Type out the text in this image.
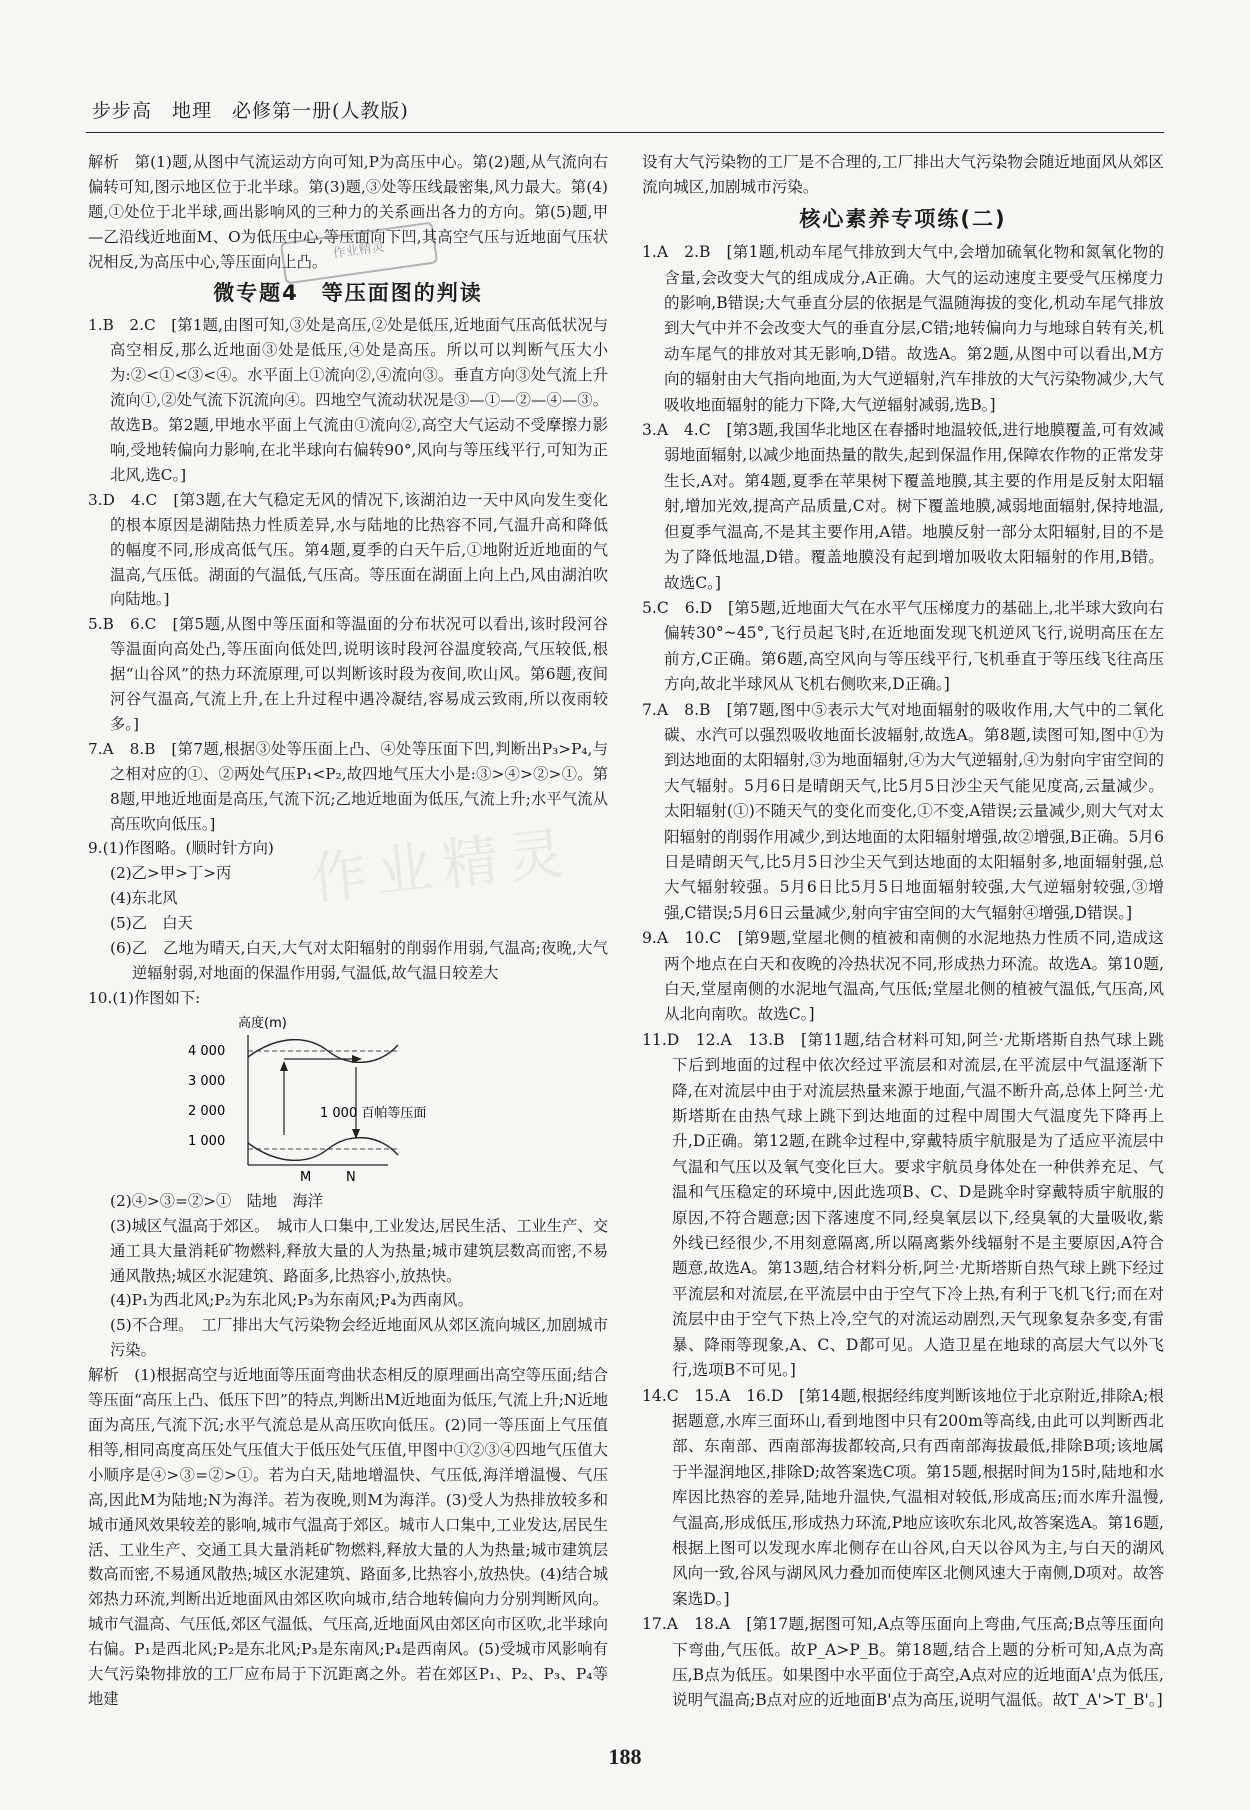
步步高　地理　必修第一册(人教版)
作业精灵
作业精灵

解析　第(1)题,从图中气流运动方向可知,P为高压中心。第(2)题,从气流向右偏转可知,图示地区位于北半球。第(3)题,③处等压线最密集,风力最大。第(4)题,①处位于北半球,画出影响风的三种力的关系画出各力的方向。第(5)题,甲—乙沿线近地面M、O为低压中心,等压面向下凹,其高空气压与近地面气压状况相反,为高压中心,等压面向上凸。

微专题4　等压面图的判读

1.B　2.C　[第1题,由图可知,③处是高压,②处是低压,近地面气压高低状况与高空相反,那么近地面③处是低压,④处是高压。所以可以判断气压大小为:②<①<③<④。水平面上①流向②,④流向③。垂直方向③处气流上升流向①,②处气流下沉流向④。四地空气流动状况是③—①—②—④—③。故选B。第2题,甲地水平面上气流由①流向②,高空大气运动不受摩擦力影响,受地转偏向力影响,在北半球向右偏转90°,风向与等压线平行,可知为正北风,选C。]

3.D　4.C　[第3题,在大气稳定无风的情况下,该湖泊边一天中风向发生变化的根本原因是湖陆热力性质差异,水与陆地的比热容不同,气温升高和降低的幅度不同,形成高低气压。第4题,夏季的白天午后,①地附近近地面的气温高,气压低。湖面的气温低,气压高。等压面在湖面上向上凸,风由湖泊吹向陆地。]

5.B　6.C　[第5题,从图中等压面和等温面的分布状况可以看出,该时段河谷等温面向高处凸,等压面向低处凹,说明该时段河谷温度较高,气压较低,根据“山谷风”的热力环流原理,可以判断该时段为夜间,吹山风。第6题,夜间河谷气温高,气流上升,在上升过程中遇冷凝结,容易成云致雨,所以夜雨较多。]

7.A　8.B　[第7题,根据③处等压面上凸、④处等压面下凹,判断出P₃>P₄,与之相对应的①、②两处气压P₁<P₂,故四地气压大小是:③>④>②>①。第8题,甲地近地面是高压,气流下沉;乙地近地面为低压,气流上升;水平气流从高压吹向低压。]

9.(1)作图略。(顺时针方向)

(2)乙>甲>丁>丙

(4)东北风

(5)乙　白天

(6)乙　乙地为晴天,白天,大气对太阳辐射的削弱作用弱,气温高;夜晚,大气逆辐射弱,对地面的保温作用弱,气温低,故气温日较差大

10.(1)作图如下:

高度(m)
4 000
3 000
2 000
1 000
1 000 百帕等压面
M	N

(2)④>③=②>①　陆地　海洋

(3)城区气温高于郊区。　城市人口集中,工业发达,居民生活、工业生产、交通工具大量消耗矿物燃料,释放大量的人为热量;城市建筑层数高而密,不易通风散热;城区水泥建筑、路面多,比热容小,放热快。

(4)P₁为西北风;P₂为东北风;P₃为东南风;P₄为西南风。

(5)不合理。　工厂排出大气污染物会经近地面风从郊区流向城区,加剧城市污染。

解析　(1)根据高空与近地面等压面弯曲状态相反的原理画出高空等压面;结合等压面“高压上凸、低压下凹”的特点,判断出M近地面为低压,气流上升;N近地面为高压,气流下沉;水平气流总是从高压吹向低压。(2)同一等压面上气压值相等,相同高度高压处气压值大于低压处气压值,甲图中①②③④四地气压值大小顺序是④>③=②>①。若为白天,陆地增温快、气压低,海洋增温慢、气压高,因此M为陆地;N为海洋。若为夜晚,则M为海洋。(3)受人为热排放较多和城市通风效果较差的影响,城市气温高于郊区。城市人口集中,工业发达,居民生活、工业生产、交通工具大量消耗矿物燃料,释放大量的人为热量;城市建筑层数高而密,不易通风散热;城区水泥建筑、路面多,比热容小,放热快。(4)结合城郊热力环流,判断出近地面风由郊区吹向城市,结合地转偏向力分别判断风向。城市气温高、气压低,郊区气温低、气压高,近地面风由郊区向市区吹,北半球向右偏。P₁是西北风;P₂是东北风;P₃是东南风;P₄是西南风。(5)受城市风影响有大气污染物排放的工厂应布局于下沉距离之外。若在郊区P₁、P₂、P₃、P₄等地建

设有大气污染物的工厂是不合理的,工厂排出大气污染物会随近地面风从郊区流向城区,加剧城市污染。

核心素养专项练(二)

1.A　2.B　[第1题,机动车尾气排放到大气中,会增加硫氧化物和氮氧化物的含量,会改变大气的组成成分,A正确。大气的运动速度主要受气压梯度力的影响,B错误;大气垂直分层的依据是气温随海拔的变化,机动车尾气排放到大气中并不会改变大气的垂直分层,C错;地转偏向力与地球自转有关,机动车尾气的排放对其无影响,D错。故选A。第2题,从图中可以看出,M方向的辐射由大气指向地面,为大气逆辐射,汽车排放的大气污染物减少,大气吸收地面辐射的能力下降,大气逆辐射减弱,选B。]

3.A　4.C　[第3题,我国华北地区在春播时地温较低,进行地膜覆盖,可有效减弱地面辐射,以减少地面热量的散失,起到保温作用,保障农作物的正常发芽生长,A对。第4题,夏季在苹果树下覆盖地膜,其主要的作用是反射太阳辐射,增加光效,提高产品质量,C对。树下覆盖地膜,减弱地面辐射,保持地温,但夏季气温高,不是其主要作用,A错。地膜反射一部分太阳辐射,目的不是为了降低地温,D错。覆盖地膜没有起到增加吸收太阳辐射的作用,B错。故选C。]

5.C　6.D　[第5题,近地面大气在水平气压梯度力的基础上,北半球大致向右偏转30°~45°,飞行员起飞时,在近地面发现飞机逆风飞行,说明高压在左前方,C正确。第6题,高空风向与等压线平行,飞机垂直于等压线飞往高压方向,故北半球风从飞机右侧吹来,D正确。]

7.A　8.B　[第7题,图中⑤表示大气对地面辐射的吸收作用,大气中的二氧化碳、水汽可以强烈吸收地面长波辐射,故选A。第8题,读图可知,图中①为到达地面的太阳辐射,③为地面辐射,④为大气逆辐射,④为射向宇宙空间的大气辐射。5月6日是晴朗天气,比5月5日沙尘天气能见度高,云量减少。太阳辐射(①)不随天气的变化而变化,①不变,A错误;云量减少,则大气对太阳辐射的削弱作用减少,到达地面的太阳辐射增强,故②增强,B正确。5月6日是晴朗天气,比5月5日沙尘天气到达地面的太阳辐射多,地面辐射强,总大气辐射较强。5月6日比5月5日地面辐射较强,大气逆辐射较强,③增强,C错误;5月6日云量减少,射向宇宙空间的大气辐射④增强,D错误。]

9.A　10.C　[第9题,堂屋北侧的植被和南侧的水泥地热力性质不同,造成这两个地点在白天和夜晚的冷热状况不同,形成热力环流。故选A。第10题,白天,堂屋南侧的水泥地气温高,气压低;堂屋北侧的植被气温低,气压高,风从北向南吹。故选C。]

11.D　12.A　13.B　[第11题,结合材料可知,阿兰·尤斯塔斯自热气球上跳下后到地面的过程中依次经过平流层和对流层,在平流层中气温逐渐下降,在对流层中由于对流层热量来源于地面,气温不断升高,总体上阿兰·尤斯塔斯在由热气球上跳下到达地面的过程中周围大气温度先下降再上升,D正确。第12题,在跳伞过程中,穿戴特质宇航服是为了适应平流层中气温和气压以及氧气变化巨大。要求宇航员身体处在一种供养充足、气温和气压稳定的环境中,因此选项B、C、D是跳伞时穿戴特质宇航服的原因,不符合题意;因下落速度不同,经臭氧层以下,经臭氧的大量吸收,紫外线已经很少,不用刻意隔离,所以隔离紫外线辐射不是主要原因,A符合题意,故选A。第13题,结合材料分析,阿兰·尤斯塔斯自热气球上跳下经过平流层和对流层,在平流层中由于空气下冷上热,有利于飞机飞行;而在对流层中由于空气下热上冷,空气的对流运动剧烈,天气现象复杂多变,有雷暴、降雨等现象,A、C、D都可见。人造卫星在地球的高层大气以外飞行,选项B不可见。]

14.C　15.A　16.D　[第14题,根据经纬度判断该地位于北京附近,排除A;根据题意,水库三面环山,看到地图中只有200m等高线,由此可以判断西北部、东南部、西南部海拔都较高,只有西南部海拔最低,排除B项;该地属于半湿润地区,排除D;故答案选C项。第15题,根据时间为15时,陆地和水库因比热容的差异,陆地升温快,气温相对较低,形成高压;而水库升温慢,气温高,形成低压,形成热力环流,P地应该吹东北风,故答案选A。第16题,根据上图可以发现水库北侧存在山谷风,白天以谷风为主,与白天的湖风风向一致,谷风与湖风风力叠加而使库区北侧风速大于南侧,D项对。故答案选D。]

17.A　18.A　[第17题,据图可知,A点等压面向上弯曲,气压高;B点等压面向下弯曲,气压低。故P_A>P_B。第18题,结合上题的分析可知,A点为高压,B点为低压。如果图中水平面位于高空,A点对应的近地面A'点为低压,说明气温高;B点对应的近地面B'点为高压,说明气温低。故T_A'>T_B'。]

188
